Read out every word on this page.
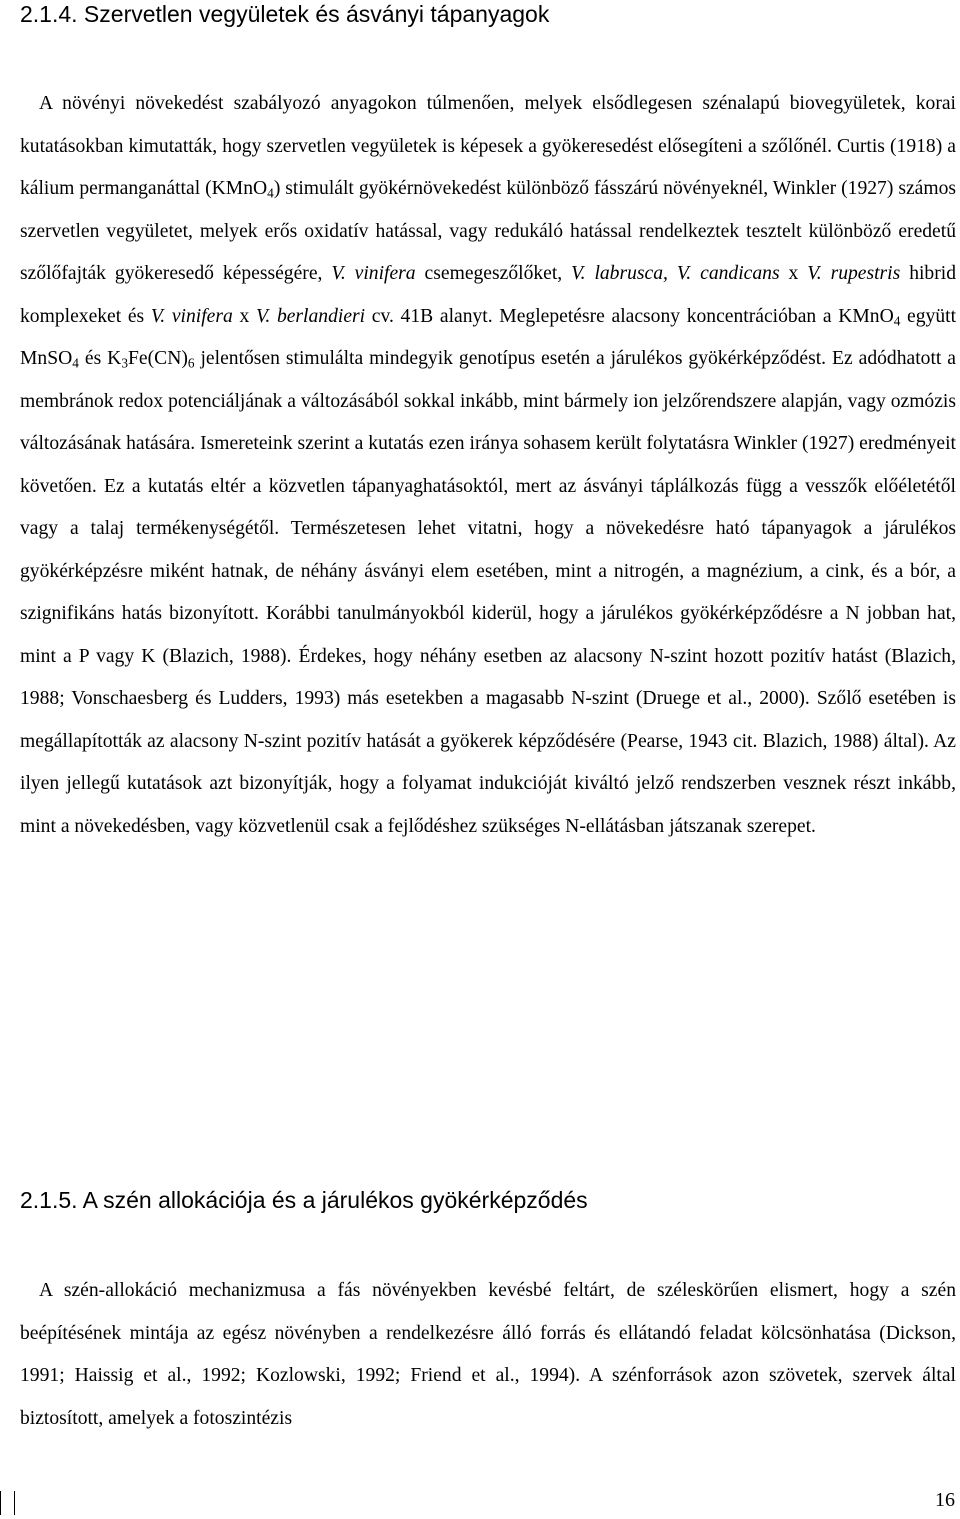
2.1.4. Szervetlen vegyületek és ásványi tápanyagok

A növényi növekedést szabályozó anyagokon túlmenően, melyek elsődlegesen szénalapú biovegyületek, korai kutatásokban kimutatták, hogy szervetlen vegyületek is képesek a gyökeresedést elősegíteni a szőlőnél. Curtis (1918) a kálium permanganáttal (KMnO$_4$) stimulált gyökérnövekedést különböző fásszárú növényeknél, Winkler (1927) számos szervetlen vegyületet, melyek erős oxidatív hatással, vagy redukáló hatással rendelkeztek tesztelt különböző eredetű szőlőfajták gyökeresedő képességére, V. vinifera csemegeszőlőket, V. labrusca, V. candicans x V. rupestris hibrid komplexeket és V. vinifera x V. berlandieri cv. 41B alanyt. Meglepetésre alacsony koncentrációban a KMnO$_4$ együtt MnSO$_4$ és $K_3Fe(CN)_6$ jelentősen stimulálta mindegyik genotípus esetén a járulékos gyökérképződést. Ez adódhatott a membránok redox potenciáljának a változásából sokkal inkább, mint bármely ion jelzőrendszere alapján, vagy ozmózis változásának hatására. Ismereteink szerint a kutatás ezen iránya sohasem került folytatásra Winkler (1927) eredményeit követően. Ez a kutatás eltér a közvetlen tápanyaghatásoktól, mert az ásványi táplálkozás függ a vesszők előéletétől vagy a talaj termékenységétől. Természetesen lehet vitatni, hogy a növekedésre ható tápanyagok a járulékos gyökérképzésre miként hatnak, de néhány ásványi elem esetében, mint a nitrogén, a magnézium, a cink, és a bór, a szignifikáns hatás bizonyított. Korábbi tanulmányokból kiderül, hogy a járulékos gyökérképződésre a N jobban hat, mint a P vagy K (Blazich, 1988). Érdekes, hogy néhány esetben az alacsony N-szint hozott pozitív hatást (Blazich, 1988; Vonschaesberg és Ludders, 1993) más esetekben a magasabb N-szint (Druege et al., 2000). Szőlő esetében is megállapították az alacsony N-szint pozitív hatását a gyökerek képződésére (Pearse, 1943 cit. Blazich, 1988) által). Az ilyen jellegű kutatások azt bizonyítják, hogy a folyamat indukcióját kiváltó jelző rendszerben vesznek részt inkább, mint a növekedésben, vagy közvetlenül csak a fejlődéshez szükséges N-ellátásban játszanak szerepet.

2.1.5. A szén allokációja és a járulékos gyökérképződés

A szén-allokáció mechanizmusa a fás növényekben kevésbé feltárt, de széleskörűen elismert, hogy a szén beépítésének mintája az egész növényben a rendelkezésre álló forrás és ellátandó feladat kölcsönhatása (Dickson, 1991; Haissig et al., 1992; Kozlowski, 1992; Friend et al., 1994). A szénforrások azon szövetek, szervek által biztosított, amelyek a fotoszintézis

16
